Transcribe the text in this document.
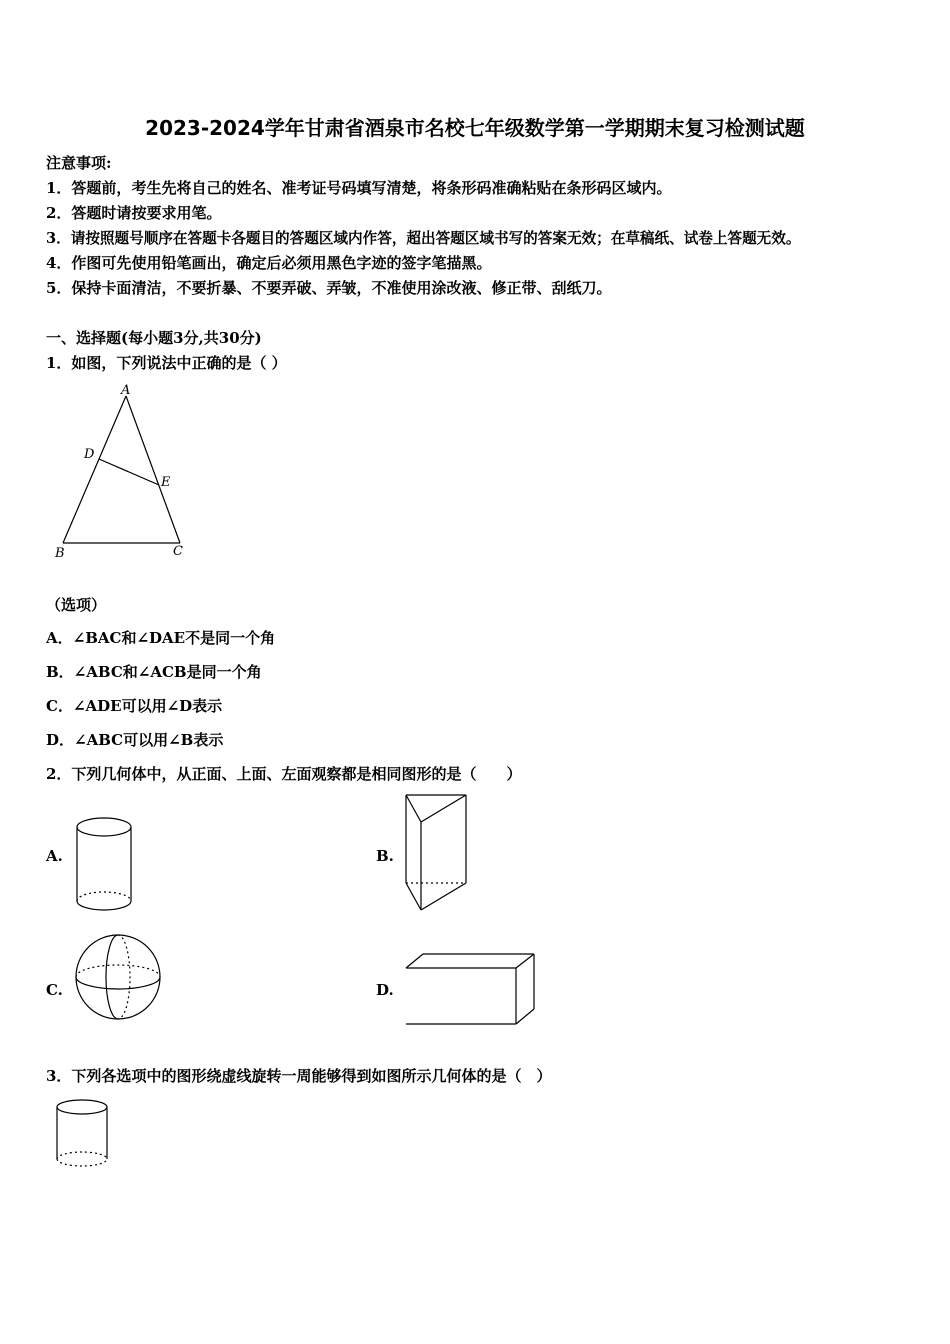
2023-2024学年甘肃省酒泉市名校七年级数学第一学期期末复习检测试题
注意事项:
1．答题前，考生先将自己的姓名、准考证号码填写清楚，将条形码准确粘贴在条形码区域内。
2．答题时请按要求用笔。
3．请按照题号顺序在答题卡各题目的答题区域内作答，超出答题区域书写的答案无效；在草稿纸、试卷上答题无效。
4．作图可先使用铅笔画出，确定后必须用黑色字迹的签字笔描黑。
5．保持卡面清洁，不要折暴、不要弄破、弄皱，不准使用涂改液、修正带、刮纸刀。
一、选择题(每小题3分,共30分)
1．如图，下列说法中正确的是（ ）
A
D
E
B	C
（选项）
A．∠BAC和∠DAE不是同一个角
B．∠ABC和∠ACB是同一个角
C．∠ADE可以用∠D表示
D．∠ABC可以用∠B表示
2．下列几何体中，从正面、上面、左面观察都是相同图形的是（　　）
A.	B.
C.	D.
3．下列各选项中的图形绕虚线旋转一周能够得到如图所示几何体的是（　）
